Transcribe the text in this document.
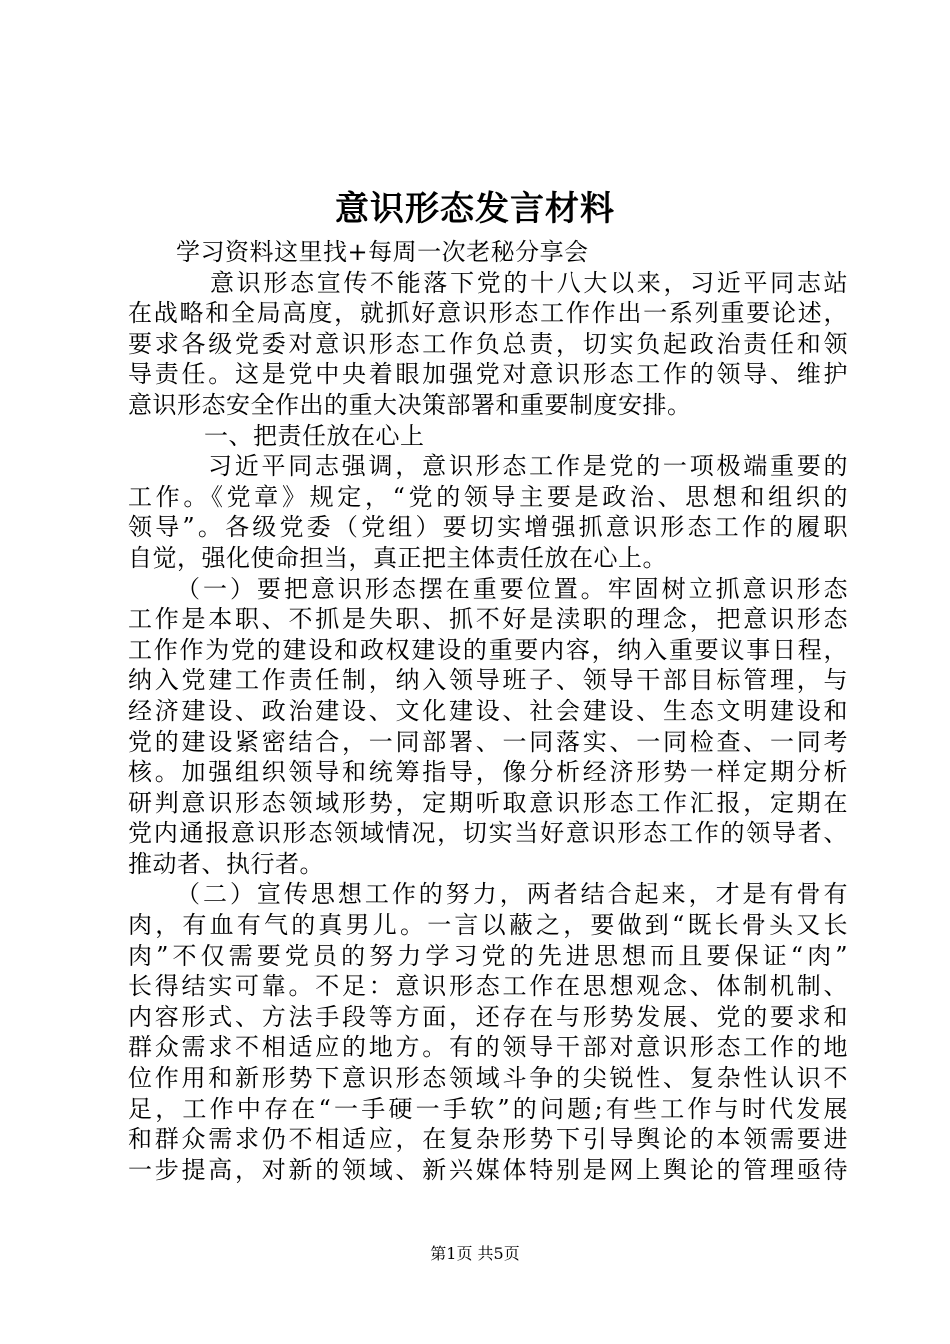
意识形态发言材料
学习资料这里找+每周一次老秘分享会
意识形态宣传不能落下党的十八大以来，习近平同志站
在战略和全局高度，就抓好意识形态工作作出一系列重要论述，
要求各级党委对意识形态工作负总责，切实负起政治责任和领
导责任。这是党中央着眼加强党对意识形态工作的领导、维护
意识形态安全作出的重大决策部署和重要制度安排。
一、把责任放在心上
习近平同志强调，意识形态工作是党的一项极端重要的
工作。《党章》规定，“党的领导主要是政治、思想和组织的
领导”。各级党委（党组）要切实增强抓意识形态工作的履职
自觉，强化使命担当，真正把主体责任放在心上。
（一）要把意识形态摆在重要位置。牢固树立抓意识形态
工作是本职、不抓是失职、抓不好是渎职的理念，把意识形态
工作作为党的建设和政权建设的重要内容，纳入重要议事日程，
纳入党建工作责任制，纳入领导班子、领导干部目标管理，与
经济建设、政治建设、文化建设、社会建设、生态文明建设和
党的建设紧密结合，一同部署、一同落实、一同检查、一同考
核。加强组织领导和统筹指导，像分析经济形势一样定期分析
研判意识形态领域形势，定期听取意识形态工作汇报，定期在
党内通报意识形态领域情况，切实当好意识形态工作的领导者、
推动者、执行者。
（二）宣传思想工作的努力，两者结合起来，才是有骨有
肉，有血有气的真男儿。一言以蔽之，要做到“既长骨头又长
肉”不仅需要党员的努力学习党的先进思想而且要保证“肉”
长得结实可靠。不足：意识形态工作在思想观念、体制机制、
内容形式、方法手段等方面，还存在与形势发展、党的要求和
群众需求不相适应的地方。有的领导干部对意识形态工作的地
位作用和新形势下意识形态领域斗争的尖锐性、复杂性认识不
足，工作中存在“一手硬一手软”的问题;有些工作与时代发展
和群众需求仍不相适应，在复杂形势下引导舆论的本领需要进
一步提高，对新的领域、新兴媒体特别是网上舆论的管理亟待
第1页 共5页
